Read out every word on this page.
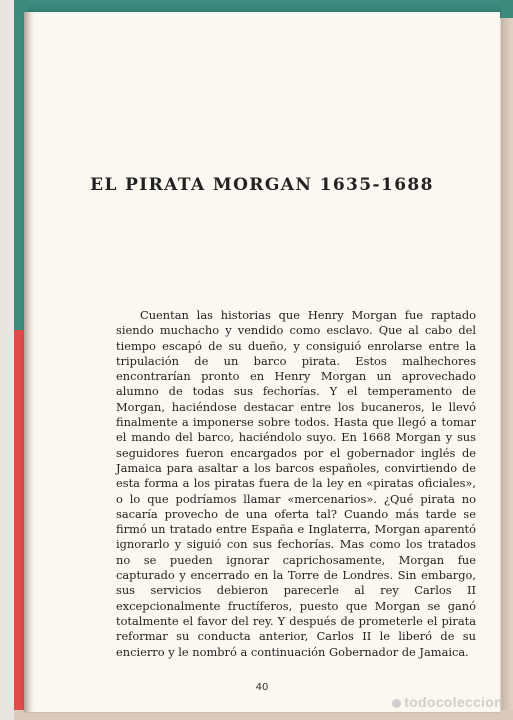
EL PIRATA MORGAN 1635-1688

Cuentan las historias que Henry Morgan fue raptado siendo muchacho y vendido como esclavo. Que al cabo del tiempo escapó de su dueño, y consiguió enrolarse entre la tripulación de un barco pirata. Estos malhechores encontrarían pronto en Henry Morgan un aprovechado alumno de todas sus fechorías. Y el temperamento de Morgan, haciéndose destacar entre los bucaneros, le llevó finalmente a imponerse sobre todos. Hasta que llegó a tomar el mando del barco, haciéndolo suyo. En 1668 Morgan y sus seguidores fueron encargados por el gobernador inglés de Jamaica para asaltar a los barcos españoles, convirtiendo de esta forma a los piratas fuera de la ley en «piratas oficiales», o lo que podríamos llamar «mercenarios». ¿Qué pirata no sacaría provecho de una oferta tal? Cuando más tarde se firmó un tratado entre España e Inglaterra, Morgan aparentó ignorarlo y siguió con sus fechorías. Mas como los tratados no se pueden ignorar caprichosamente, Morgan fue capturado y encerrado en la Torre de Londres. Sin embargo, sus servicios debieron parecerle al rey Carlos II excepcionalmente fructíferos, puesto que Morgan se ganó totalmente el favor del rey. Y después de prometerle el pirata reformar su conducta anterior, Carlos II le liberó de su encierro y le nombró a continuación Gobernador de Jamaica.

40
todocoleccion
